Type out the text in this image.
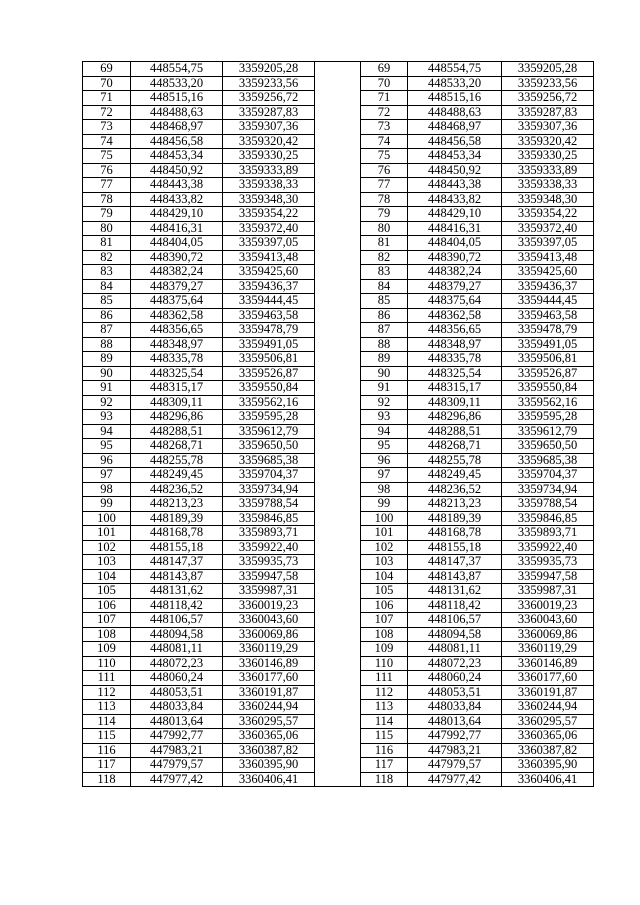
69	448554,75	3359205,28		69	448554,75	3359205,28
70	448533,20	3359233,56		70	448533,20	3359233,56
71	448515,16	3359256,72		71	448515,16	3359256,72
72	448488,63	3359287,83		72	448488,63	3359287,83
73	448468,97	3359307,36		73	448468,97	3359307,36
74	448456,58	3359320,42		74	448456,58	3359320,42
75	448453,34	3359330,25		75	448453,34	3359330,25
76	448450,92	3359333,89		76	448450,92	3359333,89
77	448443,38	3359338,33		77	448443,38	3359338,33
78	448433,82	3359348,30		78	448433,82	3359348,30
79	448429,10	3359354,22		79	448429,10	3359354,22
80	448416,31	3359372,40		80	448416,31	3359372,40
81	448404,05	3359397,05		81	448404,05	3359397,05
82	448390,72	3359413,48		82	448390,72	3359413,48
83	448382,24	3359425,60		83	448382,24	3359425,60
84	448379,27	3359436,37		84	448379,27	3359436,37
85	448375,64	3359444,45		85	448375,64	3359444,45
86	448362,58	3359463,58		86	448362,58	3359463,58
87	448356,65	3359478,79		87	448356,65	3359478,79
88	448348,97	3359491,05		88	448348,97	3359491,05
89	448335,78	3359506,81		89	448335,78	3359506,81
90	448325,54	3359526,87		90	448325,54	3359526,87
91	448315,17	3359550,84		91	448315,17	3359550,84
92	448309,11	3359562,16		92	448309,11	3359562,16
93	448296,86	3359595,28		93	448296,86	3359595,28
94	448288,51	3359612,79		94	448288,51	3359612,79
95	448268,71	3359650,50		95	448268,71	3359650,50
96	448255,78	3359685,38		96	448255,78	3359685,38
97	448249,45	3359704,37		97	448249,45	3359704,37
98	448236,52	3359734,94		98	448236,52	3359734,94
99	448213,23	3359788,54		99	448213,23	3359788,54
100	448189,39	3359846,85		100	448189,39	3359846,85
101	448168,78	3359893,71		101	448168,78	3359893,71
102	448155,18	3359922,40		102	448155,18	3359922,40
103	448147,37	3359935,73		103	448147,37	3359935,73
104	448143,87	3359947,58		104	448143,87	3359947,58
105	448131,62	3359987,31		105	448131,62	3359987,31
106	448118,42	3360019,23		106	448118,42	3360019,23
107	448106,57	3360043,60		107	448106,57	3360043,60
108	448094,58	3360069,86		108	448094,58	3360069,86
109	448081,11	3360119,29		109	448081,11	3360119,29
110	448072,23	3360146,89		110	448072,23	3360146,89
111	448060,24	3360177,60		111	448060,24	3360177,60
112	448053,51	3360191,87		112	448053,51	3360191,87
113	448033,84	3360244,94		113	448033,84	3360244,94
114	448013,64	3360295,57		114	448013,64	3360295,57
115	447992,77	3360365,06		115	447992,77	3360365,06
116	447983,21	3360387,82		116	447983,21	3360387,82
117	447979,57	3360395,90		117	447979,57	3360395,90
118	447977,42	3360406,41		118	447977,42	3360406,41
